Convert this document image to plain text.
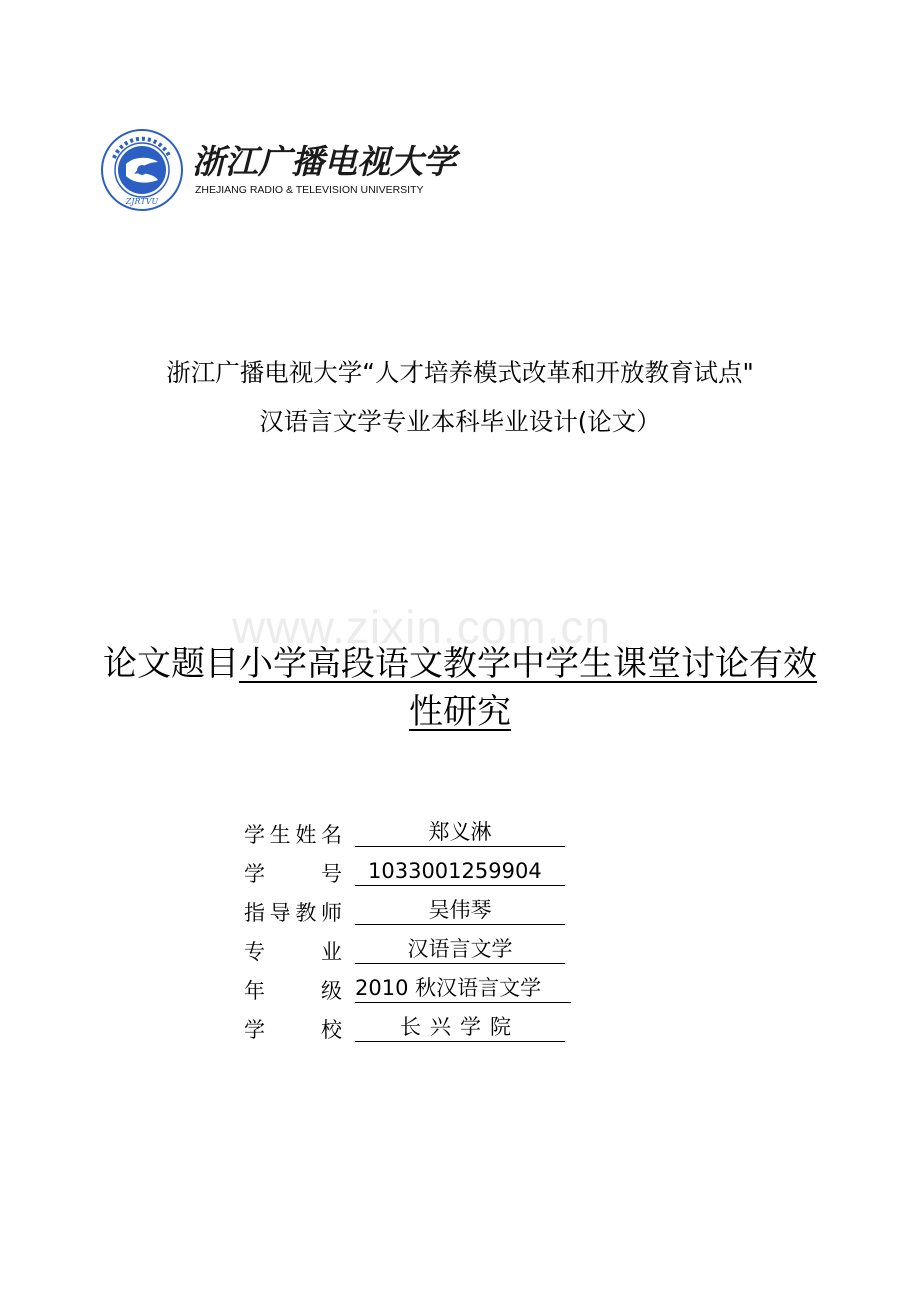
ZJRTVU
浙江广播电视大学
ZHEJIANG RADIO & TELEVISION UNIVERSITY
浙江广播电视大学“人才培养模式改革和开放教育试点"
汉语言文学专业本科毕业设计(论文）
www.zixin.com.cn
论文题目小学高段语文教学中学生课堂讨论有效
性研究
学 生 姓 名	郑义淋
学	号	1033001259904
指 导 教 师	吴伟琴
专	业	汉语言文学
年	级 2010 秋汉语言文学
学	校	长兴学院
